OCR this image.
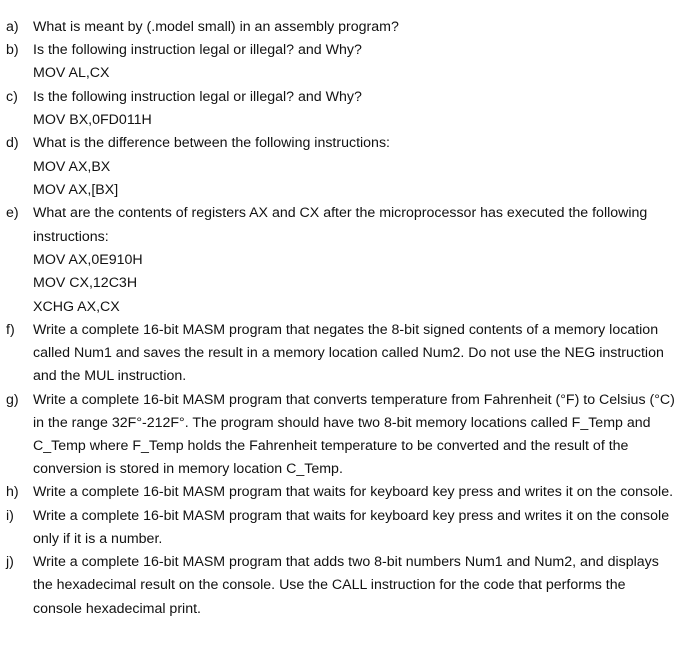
a)	What is meant by (.model small) in an assembly program?
b)	Is the following instruction legal or illegal? and Why?
MOV AL,CX
c)	Is the following instruction legal or illegal? and Why?
MOV BX,0FD011H
d)	What is the difference between the following instructions:
MOV AX,BX
MOV AX,[BX]
e)	What are the contents of registers AX and CX after the microprocessor has executed the following instructions:
MOV AX,0E910H
MOV CX,12C3H
XCHG AX,CX
f)	Write a complete 16-bit MASM program that negates the 8-bit signed contents of a memory location called Num1 and saves the result in a memory location called Num2. Do not use the NEG instruction and the MUL instruction.
g)	Write a complete 16-bit MASM program that converts temperature from Fahrenheit (°F) to Celsius (°C) in the range 32F°-212F°. The program should have two 8-bit memory locations called F_Temp and C_Temp where F_Temp holds the Fahrenheit temperature to be converted and the result of the conversion is stored in memory location C_Temp.
h)	Write a complete 16-bit MASM program that waits for keyboard key press and writes it on the console.
i)	Write a complete 16-bit MASM program that waits for keyboard key press and writes it on the console only if it is a number.
j)	Write a complete 16-bit MASM program that adds two 8-bit numbers Num1 and Num2, and displays the hexadecimal result on the console. Use the CALL instruction for the code that performs the console hexadecimal print.
